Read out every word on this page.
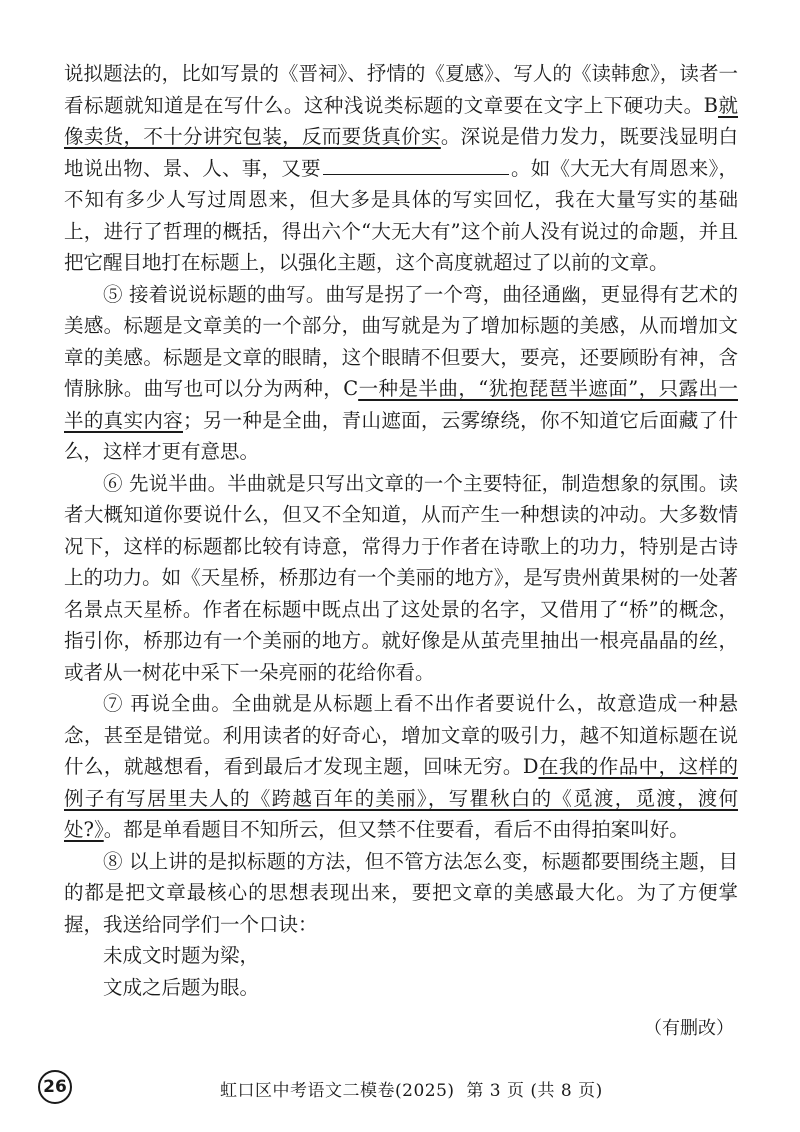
说拟题法的，比如写景的《晋祠》、抒情的《夏感》、写人的《读韩愈》，读者一看标题就知道是在写什么。这种浅说类标题的文章要在文字上下硬功夫。B就像卖货，不十分讲究包装，反而要货真价实。深说是借力发力，既要浅显明白地说出物、景、人、事，又要	。如《大无大有周恩来》，不知有多少人写过周恩来，但大多是具体的写实回忆，我在大量写实的基础上，进行了哲理的概括，得出六个“大无大有”这个前人没有说过的命题，并且把它醒目地打在标题上，以强化主题，这个高度就超过了以前的文章。

⑤ 接着说说标题的曲写。曲写是拐了一个弯，曲径通幽，更显得有艺术的美感。标题是文章美的一个部分，曲写就是为了增加标题的美感，从而增加文章的美感。标题是文章的眼睛，这个眼睛不但要大，要亮，还要顾盼有神，含情脉脉。曲写也可以分为两种，C一种是半曲，“犹抱琵琶半遮面”，只露出一半的真实内容；另一种是全曲，青山遮面，云雾缭绕，你不知道它后面藏了什么，这样才更有意思。

⑥ 先说半曲。半曲就是只写出文章的一个主要特征，制造想象的氛围。读者大概知道你要说什么，但又不全知道，从而产生一种想读的冲动。大多数情况下，这样的标题都比较有诗意，常得力于作者在诗歌上的功力，特别是古诗上的功力。如《天星桥，桥那边有一个美丽的地方》，是写贵州黄果树的一处著名景点天星桥。作者在标题中既点出了这处景的名字，又借用了“桥”的概念，指引你，桥那边有一个美丽的地方。就好像是从茧壳里抽出一根亮晶晶的丝，或者从一树花中采下一朵亮丽的花给你看。

⑦ 再说全曲。全曲就是从标题上看不出作者要说什么，故意造成一种悬念，甚至是错觉。利用读者的好奇心，增加文章的吸引力，越不知道标题在说什么，就越想看，看到最后才发现主题，回味无穷。D在我的作品中，这样的例子有写居里夫人的《跨越百年的美丽》，写瞿秋白的《觅渡，觅渡，渡何处?》。都是单看题目不知所云，但又禁不住要看，看后不由得拍案叫好。

⑧ 以上讲的是拟标题的方法，但不管方法怎么变，标题都要围绕主题，目的都是把文章最核心的思想表现出来，要把文章的美感最大化。为了方便掌握，我送给同学们一个口诀：

未成文时题为梁，

文成之后题为眼。

（有删改）

26	虹口区中考语文二模卷(2025)  第 3 页 (共 8 页)
